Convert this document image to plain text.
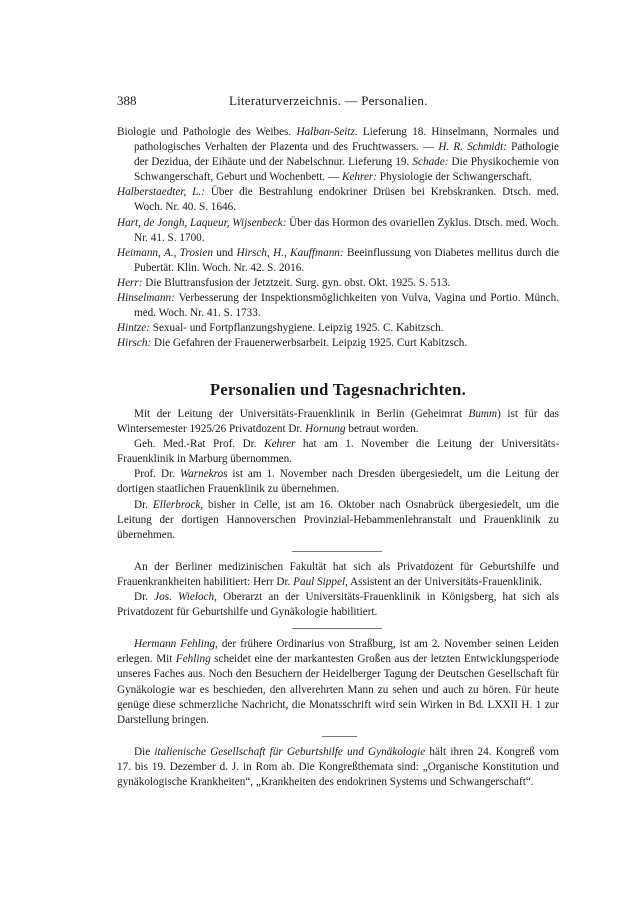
388	Literaturverzeichnis. — Personalien.

Biologie und Pathologie des Weibes. Halban-Seitz. Lieferung 18. Hinselmann, Normales und pathologisches Verhalten der Plazenta und des Fruchtwassers. — H. R. Schmidt: Pathologie der Dezidua, der Eihäute und der Nabelschnur. Lieferung 19. Schade: Die Physikochemie von Schwangerschaft, Geburt und Wochenbett. — Kehrer: Physiologie der Schwangerschaft.

Halberstaedter, L.: Über die Bestrahlung endokriner Drüsen bei Krebskranken. Dtsch. med. Woch. Nr. 40. S. 1646.

Hart, de Jongh, Laqueur, Wijsenbeck: Über das Hormon des ovariellen Zyklus. Dtsch. med. Woch. Nr. 41. S. 1700.

Heimann, A., Trosien und Hirsch, H., Kauffmann: Beeinflussung von Diabetes mellitus durch die Pubertät. Klin. Woch. Nr. 42. S. 2016.

Herr: Die Bluttransfusion der Jetztzeit. Surg. gyn. obst. Okt. 1925. S. 513.

Hinselmann: Verbesserung der Inspektionsmöglichkeiten von Vulva, Vagina und Portio. Münch. med. Woch. Nr. 41. S. 1733.

Hintze: Sexual- und Fortpflanzungshygiene. Leipzig 1925. C. Kabitzsch.

Hirsch: Die Gefahren der Frauenerwerbsarbeit. Leipzig 1925. Curt Kabitzsch.

Personalien und Tagesnachrichten.

Mit der Leitung der Universitäts-Frauenklinik in Berlin (Geheimrat Bumm) ist für das Wintersemester 1925/26 Privatdozent Dr. Hornung betraut worden.

Geh. Med.-Rat Prof. Dr. Kehrer hat am 1. November die Leitung der Universitäts-Frauenklinik in Marburg übernommen.

Prof. Dr. Warnekros ist am 1. November nach Dresden übergesiedelt, um die Leitung der dortigen staatlichen Frauenklinik zu übernehmen.

Dr. Ellerbrock, bisher in Celle, ist am 16. Oktober nach Osnabrück übergesiedelt, um die Leitung der dortigen Hannoverschen Provinzial-Hebammenlehranstalt und Frauenklinik zu übernehmen.

An der Berliner medizinischen Fakultät hat sich als Privatdozent für Geburtshilfe und Frauenkrankheiten habilitiert: Herr Dr. Paul Sippel, Assistent an der Universitäts-Frauenklinik.

Dr. Jos. Wieloch, Oberarzt an der Universitäts-Frauenklinik in Königsberg, hat sich als Privatdozent für Geburtshilfe und Gynäkologie habilitiert.

Hermann Fehling, der frühere Ordinarius von Straßburg, ist am 2. November seinen Leiden erlegen. Mit Fehling scheidet eine der markantesten Großen aus der letzten Entwicklungsperiode unseres Faches aus. Noch den Besuchern der Heidelberger Tagung der Deutschen Gesellschaft für Gynäkologie war es beschieden, den allverehrten Mann zu sehen und auch zu hören. Für heute genüge diese schmerzliche Nachricht, die Monatsschrift wird sein Wirken in Bd. LXXII H. 1 zur Darstellung bringen.

Die italienische Gesellschaft für Geburtshilfe und Gynäkologie hält ihren 24. Kongreß vom 17. bis 19. Dezember d. J. in Rom ab. Die Kongreßthemata sind: „Organische Konstitution und gynäkologische Krankheiten“, „Krankheiten des endokrinen Systems und Schwangerschaft“.
